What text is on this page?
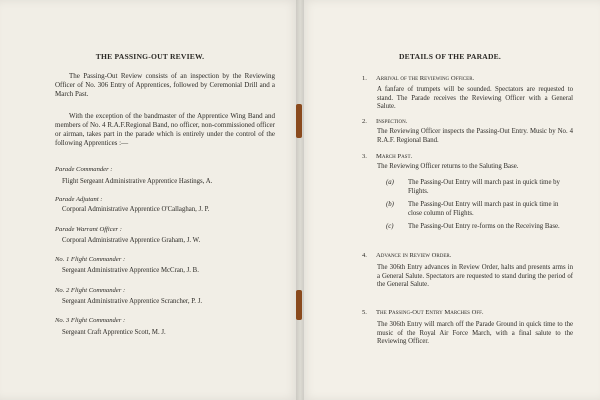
THE PASSING-OUT REVIEW.
The Passing-Out Review consists of an inspection by the Reviewing Officer of No. 306 Entry of Apprentices, followed by Ceremonial Drill and a March Past.
With the exception of the bandmaster of the Apprentice Wing Band and members of No. 4 R.A.F.Regional Band, no officer, non-commissioned officer or airman, takes part in the parade which is entirely under the control of the following Apprentices :—
Parade Commander :
Flight Sergeant Administrative Apprentice Hastings, A.
Parade Adjutant :
Corporal Administrative Apprentice O'Callaghan, J. P.
Parade Warrant Officer :
Corporal Administrative Apprentice Graham, J. W.
No. 1 Flight Commander :
Sergeant Administrative Apprentice McCran, J. B.
No. 2 Flight Commander :
Sergeant Administrative Apprentice Scrancher, P. J.
No. 3 Flight Commander :
Sergeant Craft Apprentice Scott, M. J.
DETAILS OF THE PARADE.
1. Arrival of the Reviewing Officer.
A fanfare of trumpets will be sounded. Spectators are requested to stand. The Parade receives the Reviewing Officer with a General Salute.
2. Inspection.
The Reviewing Officer inspects the Passing-Out Entry. Music by No. 4 R.A.F. Regional Band.
3. March Past.
The Reviewing Officer returns to the Saluting Base.
(a) The Passing-Out Entry will march past in quick time by Flights.
(b) The Passing-Out Entry will march past in quick time in close column of Flights.
(c) The Passing-Out Entry re-forms on the Receiving Base.
4. Advance in Review Order.
The 306th Entry advances in Review Order, halts and presents arms in a General Salute. Spectators are requested to stand during the period of the General Salute.
5. The Passing-Out Entry Marches Off.
The 306th Entry will march off the Parade Ground in quick time to the music of the Royal Air Force March, with a final salute to the Reviewing Officer.
